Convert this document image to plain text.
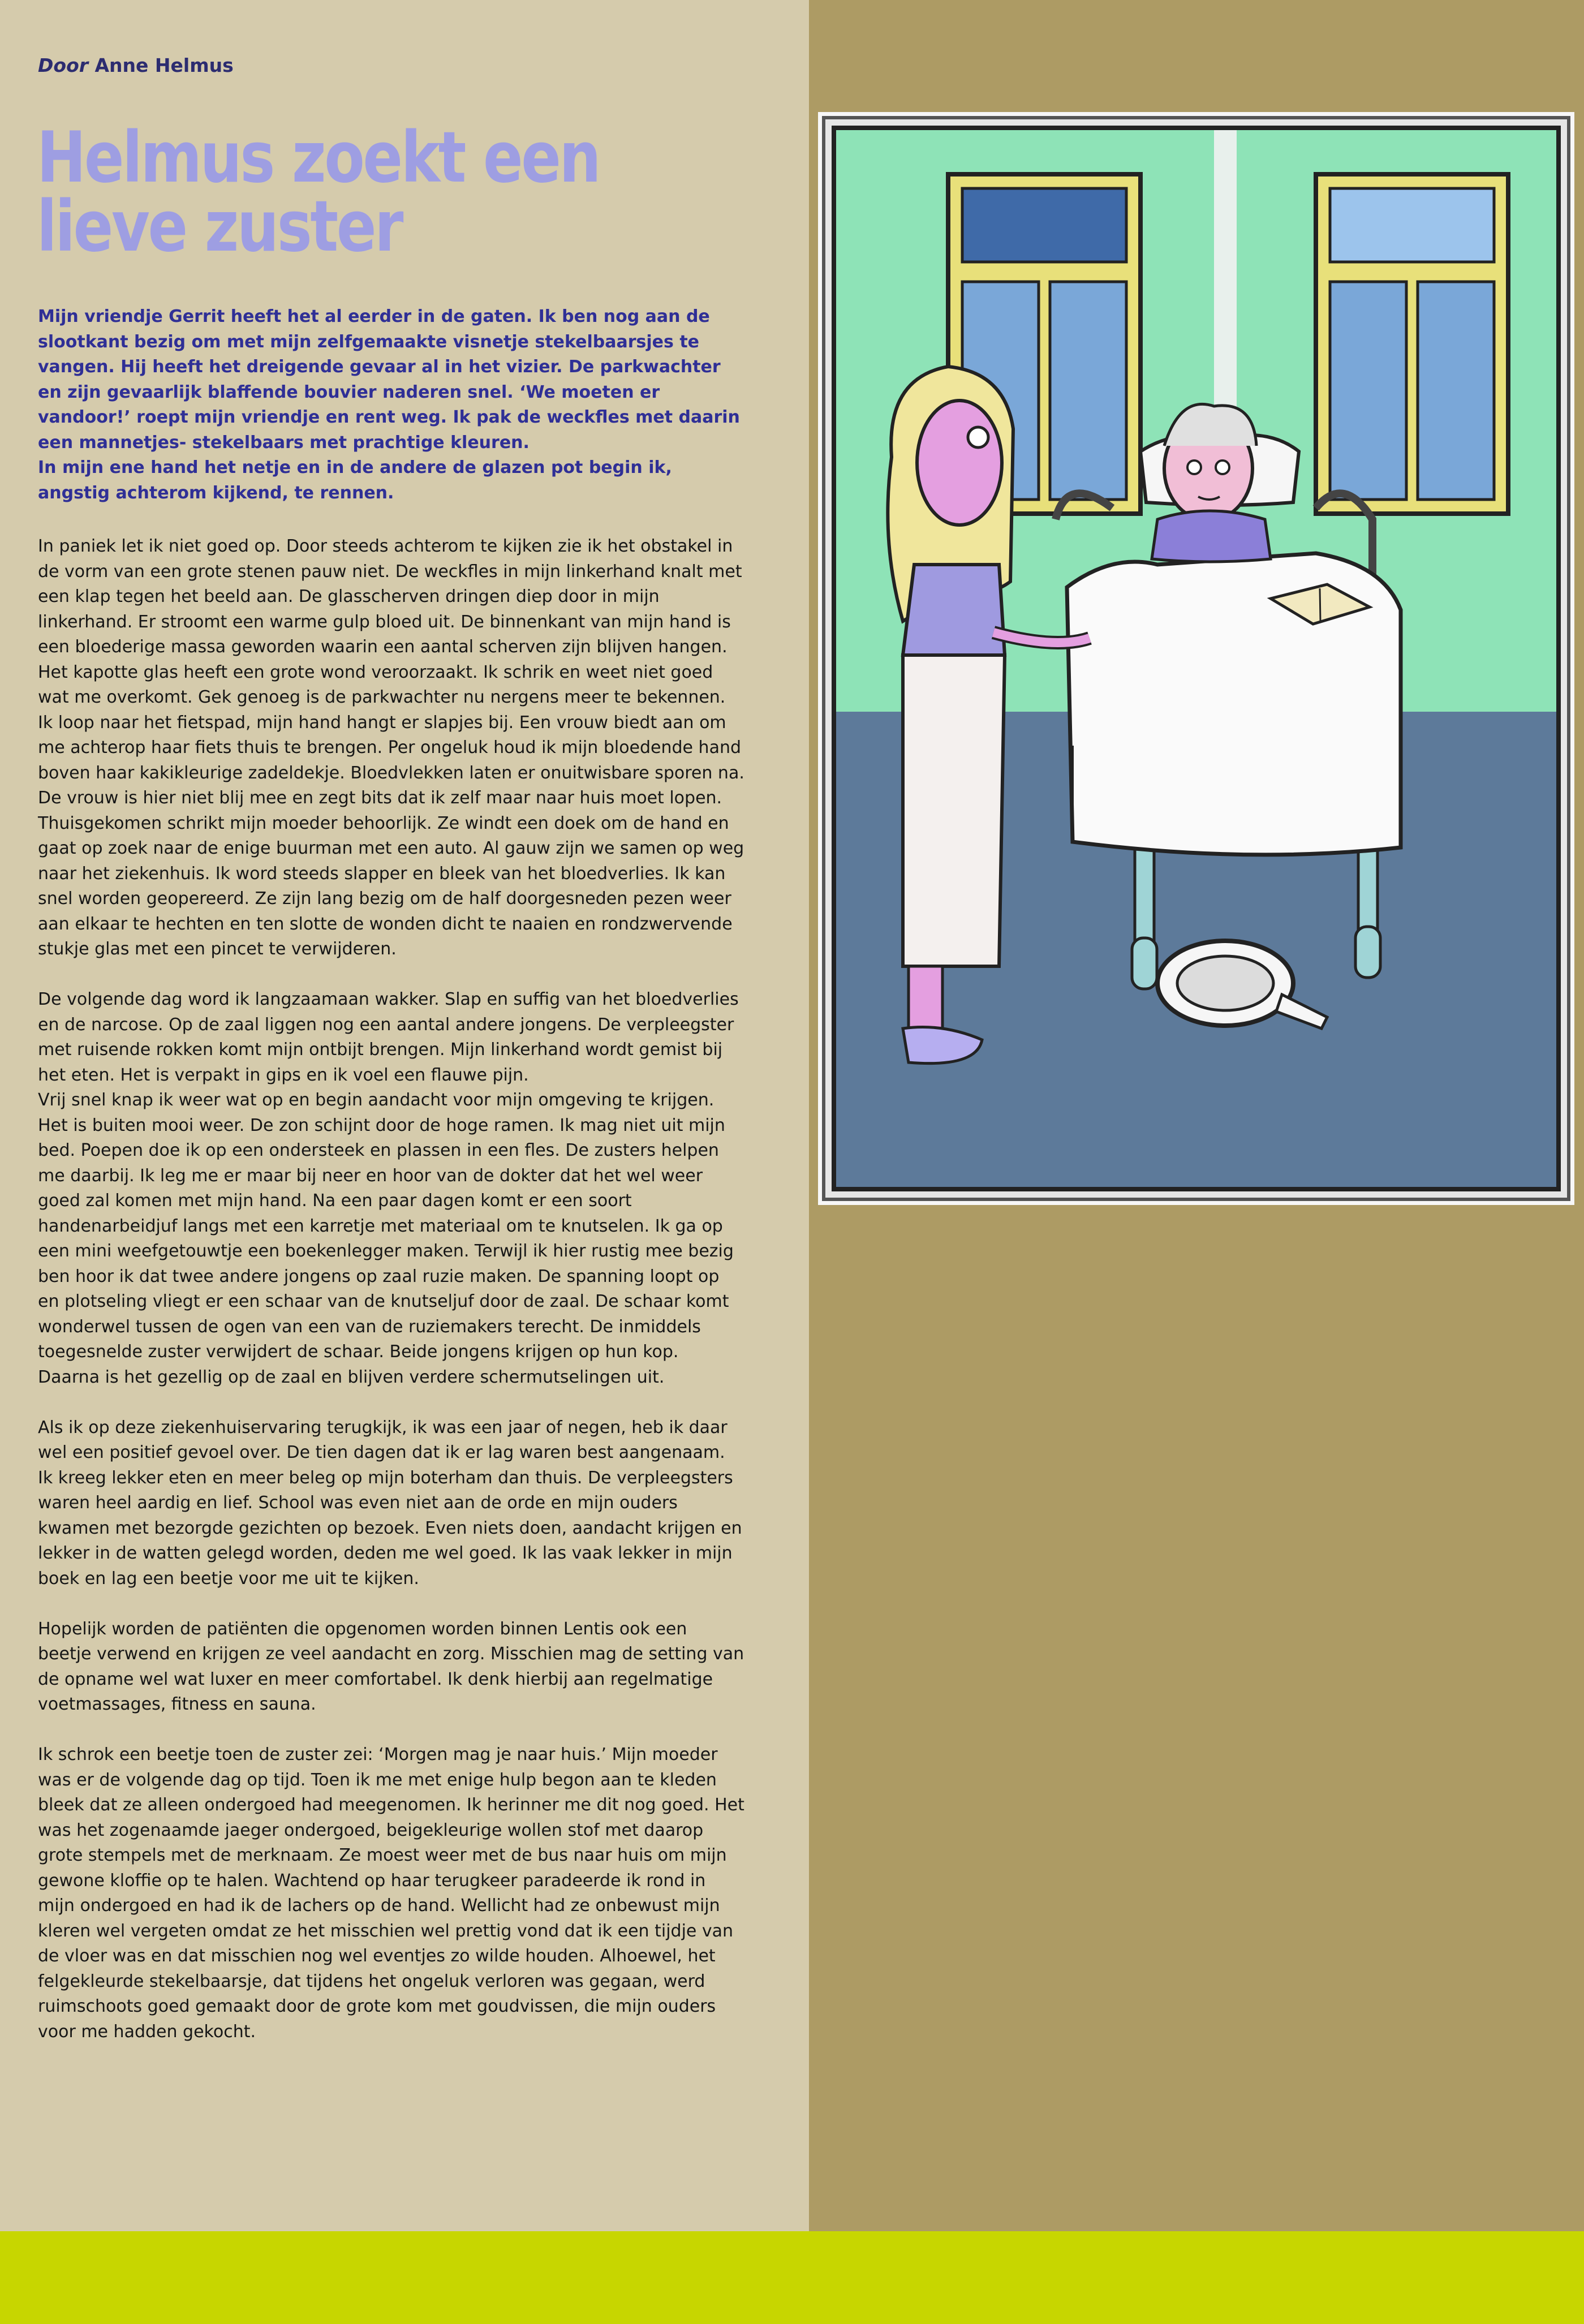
Door Anne Helmus

Helmus zoekt een lieve zuster

Mijn vriendje Gerrit heeft het al eerder in de gaten. Ik ben nog aan de slootkant bezig om met mijn zelfgemaakte visnetje stekelbaarsjes te vangen. Hij heeft het dreigende gevaar al in het vizier. De parkwachter en zijn gevaarlijk blaffende bouvier naderen snel. ‘We moeten er vandoor!’ roept mijn vriendje en rent weg. Ik pak de weckfles met daarin een mannetjes- stekelbaars met prachtige kleuren.

In mijn ene hand het netje en in de andere de glazen pot begin ik, angstig achterom kijkend, te rennen.

In paniek let ik niet goed op. Door steeds achterom te kijken zie ik het obstakel in de vorm van een grote stenen pauw niet. De weckfles in mijn linkerhand knalt met een klap tegen het beeld aan. De glasscherven dringen diep door in mijn linkerhand. Er stroomt een warme gulp bloed uit. De binnenkant van mijn hand is een bloederige massa geworden waarin een aantal scherven zijn blijven hangen. Het kapotte glas heeft een grote wond veroorzaakt. Ik schrik en weet niet goed wat me overkomt. Gek genoeg is de parkwachter nu nergens meer te bekennen. Ik loop naar het fietspad, mijn hand hangt er slapjes bij. Een vrouw biedt aan om me achterop haar fiets thuis te brengen. Per ongeluk houd ik mijn bloedende hand boven haar kakikleurige zadeldekje. Bloedvlekken laten er onuitwisbare sporen na. De vrouw is hier niet blij mee en zegt bits dat ik zelf maar naar huis moet lopen. Thuisgekomen schrikt mijn moeder behoorlijk. Ze windt een doek om de hand en gaat op zoek naar de enige buurman met een auto. Al gauw zijn we samen op weg naar het ziekenhuis. Ik word steeds slapper en bleek van het bloedverlies. Ik kan snel worden geopereerd. Ze zijn lang bezig om de half doorgesneden pezen weer aan elkaar te hechten en ten slotte de wonden dicht te naaien en rondzwervende stukje glas met een pincet te verwijderen.

De volgende dag word ik langzaamaan wakker. Slap en suffig van het bloedverlies en de narcose. Op de zaal liggen nog een aantal andere jongens. De verpleegster met ruisende rokken komt mijn ontbijt brengen. Mijn linkerhand wordt gemist bij het eten. Het is verpakt in gips en ik voel een flauwe pijn.

Vrij snel knap ik weer wat op en begin aandacht voor mijn omgeving te krijgen. Het is buiten mooi weer. De zon schijnt door de hoge ramen. Ik mag niet uit mijn bed. Poepen doe ik op een ondersteek en plassen in een fles. De zusters helpen me daarbij. Ik leg me er maar bij neer en hoor van de dokter dat het wel weer goed zal komen met mijn hand. Na een paar dagen komt er een soort handenarbeidjuf langs met een karretje met materiaal om te knutselen. Ik ga op een mini weefgetouwtje een boekenlegger maken. Terwijl ik hier rustig mee bezig ben hoor ik dat twee andere jongens op zaal ruzie maken. De spanning loopt op en plotseling vliegt er een schaar van de knutseljuf door de zaal. De schaar komt wonderwel tussen de ogen van een van de ruziemakers terecht. De inmiddels toegesnelde zuster verwijdert de schaar. Beide jongens krijgen op hun kop. Daarna is het gezellig op de zaal en blijven verdere schermutselingen uit.

Als ik op deze ziekenhuiservaring terugkijk, ik was een jaar of negen, heb ik daar wel een positief gevoel over. De tien dagen dat ik er lag waren best aangenaam. Ik kreeg lekker eten en meer beleg op mijn boterham dan thuis. De verpleegsters waren heel aardig en lief. School was even niet aan de orde en mijn ouders kwamen met bezorgde gezichten op bezoek. Even niets doen, aandacht krijgen en lekker in de watten gelegd worden, deden me wel goed. Ik las vaak lekker in mijn boek en lag een beetje voor me uit te kijken.

Hopelijk worden de patiënten die opgenomen worden binnen Lentis ook een beetje verwend en krijgen ze veel aandacht en zorg. Misschien mag de setting van de opname wel wat luxer en meer comfortabel. Ik denk hierbij aan regelmatige voetmassages, fitness en sauna.

Ik schrok een beetje toen de zuster zei: ‘Morgen mag je naar huis.’ Mijn moeder was er de volgende dag op tijd. Toen ik me met enige hulp begon aan te kleden bleek dat ze alleen ondergoed had meegenomen. Ik herinner me dit nog goed. Het was het zogenaamde jaeger ondergoed, beigekleurige wollen stof met daarop grote stempels met de merknaam. Ze moest weer met de bus naar huis om mijn gewone kloffie op te halen. Wachtend op haar terugkeer paradeerde ik rond in mijn ondergoed en had ik de lachers op de hand. Wellicht had ze onbewust mijn kleren wel vergeten omdat ze het misschien wel prettig vond dat ik een tijdje van de vloer was en dat misschien nog wel eventjes zo wilde houden. Alhoewel, het felgekleurde stekelbaarsje, dat tijdens het ongeluk verloren was gegaan, werd ruimschoots goed gemaakt door de grote kom met goudvissen, die mijn ouders voor me hadden gekocht.
